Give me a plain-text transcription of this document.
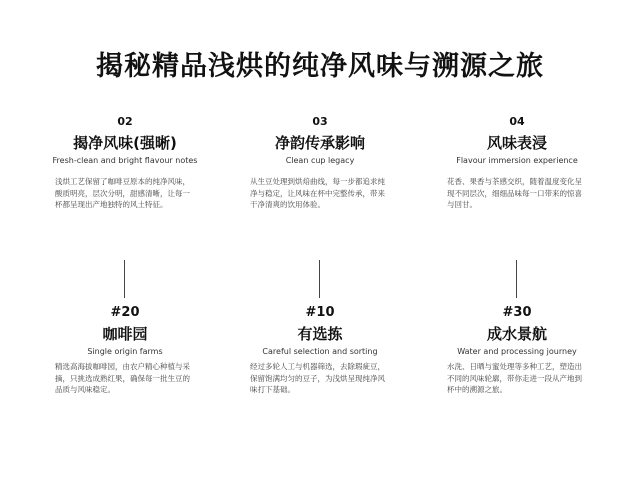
揭秘精品浅烘的纯净风味与溯源之旅
02
揭净风味(强晰)
Fresh-clean and bright flavour notes
浅烘工艺保留了咖啡豆原本的纯净风味，酸质明亮，层次分明，甜感清晰，让每一杯都呈现出产地独特的风土特征。
03
净韵传承影响
Clean cup legacy
从生豆处理到烘焙曲线，每一步都追求纯净与稳定，让风味在杯中完整传承，带来干净清爽的饮用体验。
04
风味表浸
Flavour immersion experience
花香、果香与茶感交织，随着温度变化呈现不同层次，细细品味每一口带来的惊喜与回甘。
#20
咖啡园
Single origin farms
精选高海拔咖啡园，由农户精心种植与采摘，只挑选成熟红果，确保每一批生豆的品质与风味稳定。
#10
有选拣
Careful selection and sorting
经过多轮人工与机器筛选，去除瑕疵豆，保留饱满均匀的豆子，为浅烘呈现纯净风味打下基础。
#30
成水景航
Water and processing journey
水洗、日晒与蜜处理等多种工艺，塑造出不同的风味轮廓，带你走进一段从产地到杯中的溯源之旅。
